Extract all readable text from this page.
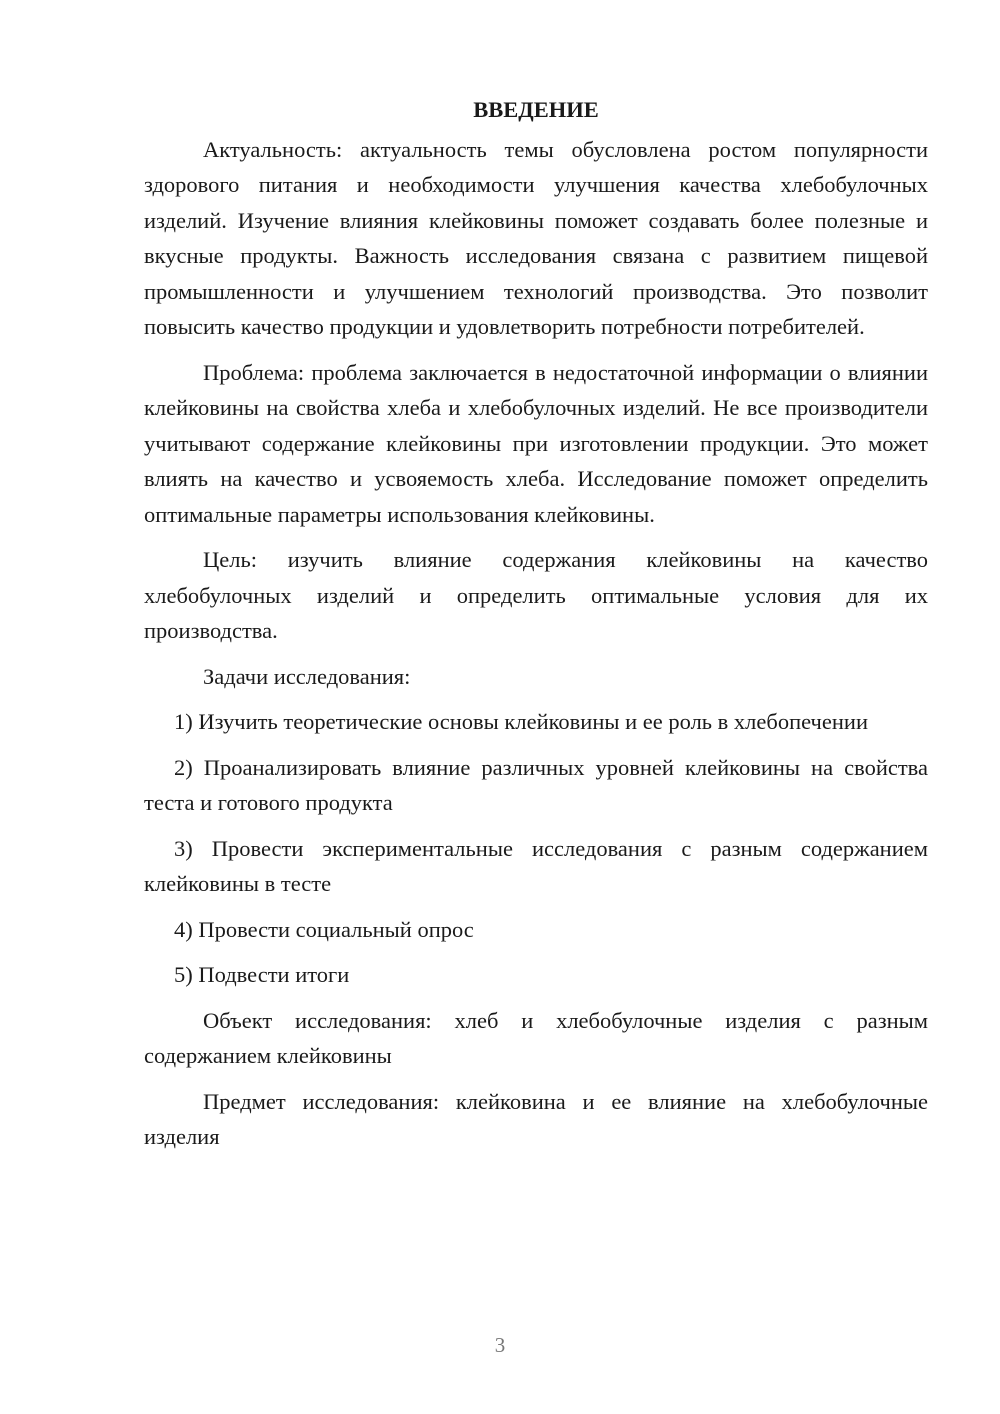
ВВЕДЕНИЕ

Актуальность: актуальность темы обусловлена ростом популярности здорового питания и необходимости улучшения качества хлебобулочных изделий. Изучение влияния клейковины поможет создавать более полезные и вкусные продукты. Важность исследования связана с развитием пищевой промышленности и улучшением технологий производства. Это позволит повысить качество продукции и удовлетворить потребности потребителей.

Проблема: проблема заключается в недостаточной информации о влиянии клейковины на свойства хлеба и хлебобулочных изделий. Не все производители учитывают содержание клейковины при изготовлении продукции. Это может влиять на качество и усвояемость хлеба. Исследование поможет определить оптимальные параметры использования клейковины.

Цель: изучить влияние содержания клейковины на качество хлебобулочных изделий и определить оптимальные условия для их производства.

Задачи исследования:

1) Изучить теоретические основы клейковины и ее роль в хлебопечении

2) Проанализировать влияние различных уровней клейковины на свойства теста и готового продукта

3) Провести экспериментальные исследования с разным содержанием клейковины в тесте

4) Провести социальный опрос

5) Подвести итоги

Объект исследования: хлеб и хлебобулочные изделия с разным содержанием клейковины

Предмет исследования: клейковина и ее влияние на хлебобулочные изделия

3
